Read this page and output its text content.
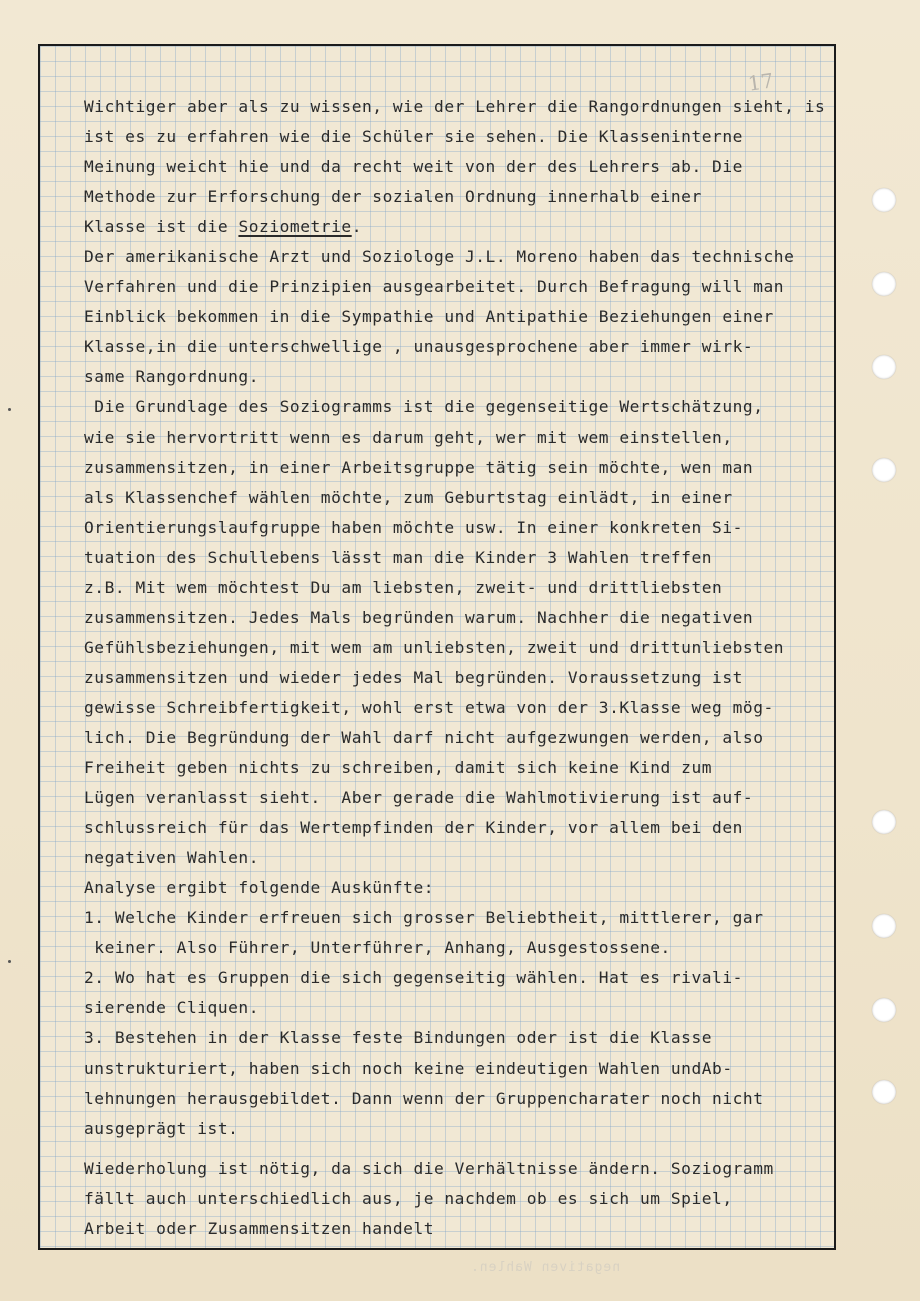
17
Wichtiger aber als zu wissen, wie der Lehrer die Rangordnungen sieht, is
ist es zu erfahren wie die Schüler sie sehen. Die Klasseninterne
Meinung weicht hie und da recht weit von der des Lehrers ab. Die
Methode zur Erforschung der sozialen Ordnung innerhalb einer
Klasse ist die Soziometrie.
Der amerikanische Arzt und Soziologe J.L. Moreno haben das technische
Verfahren und die Prinzipien ausgearbeitet. Durch Befragung will man
Einblick bekommen in die Sympathie und Antipathie Beziehungen einer
Klasse,in die unterschwellige , unausgesprochene aber immer wirk-
same Rangordnung.
Die Grundlage des Soziogramms ist die gegenseitige Wertschätzung,
wie sie hervortritt wenn es darum geht, wer mit wem einstellen,
zusammensitzen, in einer Arbeitsgruppe tätig sein möchte, wen man
als Klassenchef wählen möchte, zum Geburtstag einlädt, in einer
Orientierungslaufgruppe haben möchte usw. In einer konkreten Si-
tuation des Schullebens lässt man die Kinder 3 Wahlen treffen
z.B. Mit wem möchtest Du am liebsten, zweit- und drittliebsten
zusammensitzen. Jedes Mals begründen warum. Nachher die negativen
Gefühlsbeziehungen, mit wem am unliebsten, zweit und drittunliebsten
zusammensitzen und wieder jedes Mal begründen. Voraussetzung ist
gewisse Schreibfertigkeit, wohl erst etwa von der 3.Klasse weg mög-
lich. Die Begründung der Wahl darf nicht aufgezwungen werden, also
Freiheit geben nichts zu schreiben, damit sich keine Kind zum
Lügen veranlasst sieht.  Aber gerade die Wahlmotivierung ist auf-
schlussreich für das Wertempfinden der Kinder, vor allem bei den
negativen Wahlen.
Analyse ergibt folgende Auskünfte:
1. Welche Kinder erfreuen sich grosser Beliebtheit, mittlerer, gar
keiner. Also Führer, Unterführer, Anhang, Ausgestossene.
2. Wo hat es Gruppen die sich gegenseitig wählen. Hat es rivali-
sierende Cliquen.
3. Bestehen in der Klasse feste Bindungen oder ist die Klasse
unstrukturiert, haben sich noch keine eindeutigen Wahlen undAb-
lehnungen herausgebildet. Dann wenn der Gruppencharater noch nicht
ausgeprägt ist.
Wiederholung ist nötig, da sich die Verhältnisse ändern. Soziogramm
fällt auch unterschiedlich aus, je nachdem ob es sich um Spiel,
Arbeit oder Zusammensitzen handelt
negativen Wahlen.
